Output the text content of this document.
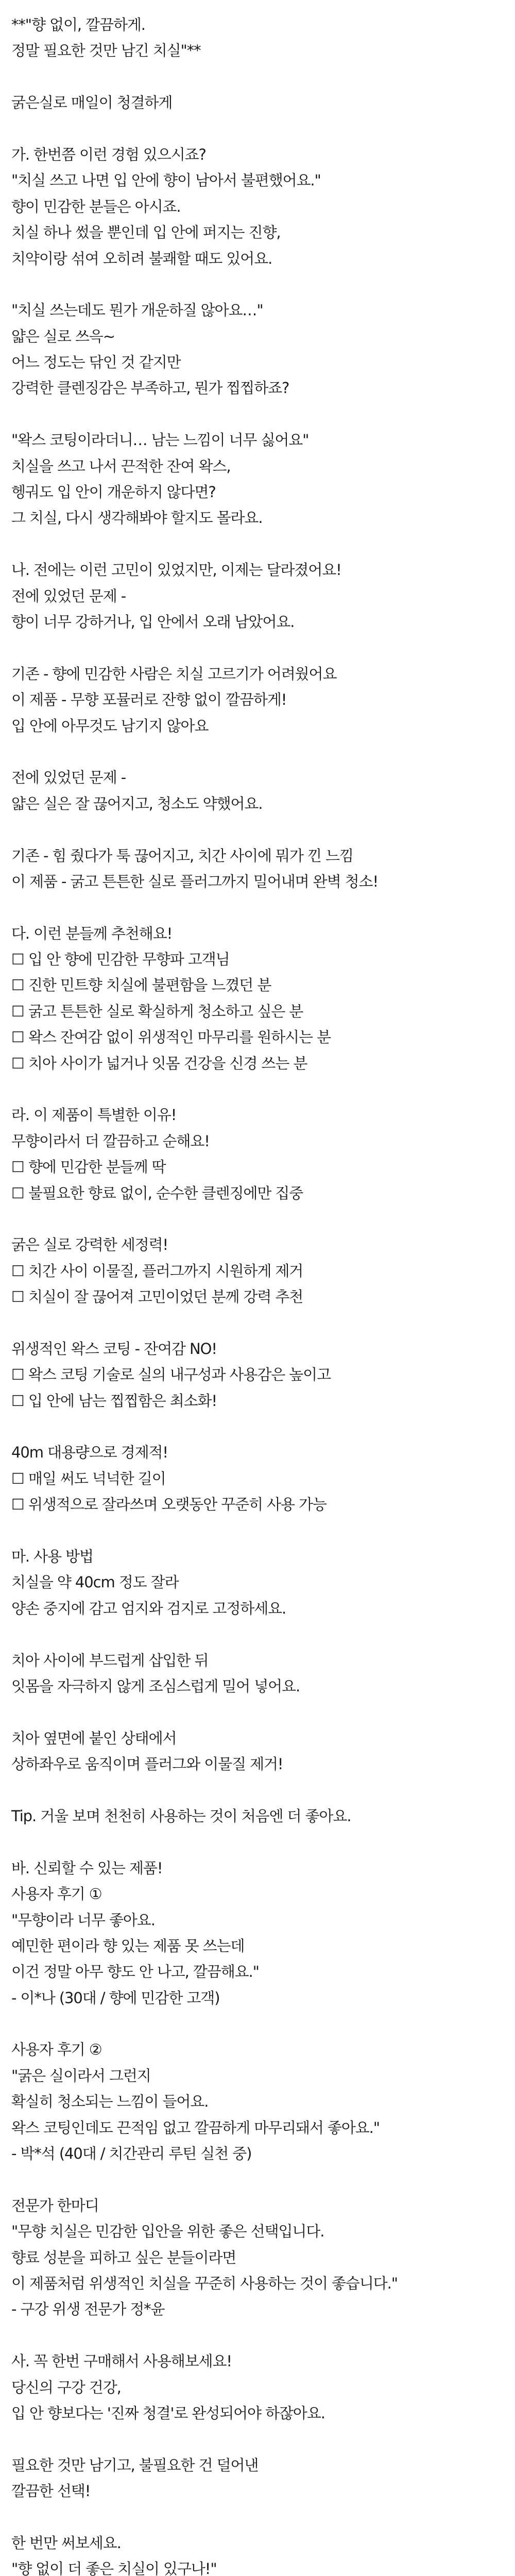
**"향 없이, 깔끔하게.
정말 필요한 것만 남긴 치실"**
굵은실로 매일이 청결하게
가. 한번쯤 이런 경험 있으시죠?
"치실 쓰고 나면 입 안에 향이 남아서 불편했어요."
향이 민감한 분들은 아시죠.
치실 하나 썼을 뿐인데 입 안에 퍼지는 진향,
치약이랑 섞여 오히려 불쾌할 때도 있어요.
"치실 쓰는데도 뭔가 개운하질 않아요…"
얇은 실로 쓰윽~
어느 정도는 닦인 것 같지만
강력한 클렌징감은 부족하고, 뭔가 찝찝하죠?
"왁스 코팅이라더니… 남는 느낌이 너무 싫어요"
치실을 쓰고 나서 끈적한 잔여 왁스,
헹궈도 입 안이 개운하지 않다면?
그 치실, 다시 생각해봐야 할지도 몰라요.
나. 전에는 이런 고민이 있었지만, 이제는 달라졌어요!
전에 있었던 문제 -
향이 너무 강하거나, 입 안에서 오래 남았어요.
기존 - 향에 민감한 사람은 치실 고르기가 어려웠어요
이 제품 - 무향 포뮬러로 잔향 없이 깔끔하게!
입 안에 아무것도 남기지 않아요
전에 있었던 문제 -
얇은 실은 잘 끊어지고, 청소도 약했어요.
기존 - 힘 줬다가 툭 끊어지고, 치간 사이에 뭐가 낀 느낌
이 제품 - 굵고 튼튼한 실로 플러그까지 밀어내며 완벽 청소!
다. 이런 분들께 추천해요!
☐ 입 안 향에 민감한 무향파 고객님
☐ 진한 민트향 치실에 불편함을 느꼈던 분
☐ 굵고 튼튼한 실로 확실하게 청소하고 싶은 분
☐ 왁스 잔여감 없이 위생적인 마무리를 원하시는 분
☐ 치아 사이가 넓거나 잇몸 건강을 신경 쓰는 분
라. 이 제품이 특별한 이유!
무향이라서 더 깔끔하고 순해요!
☐ 향에 민감한 분들께 딱
☐ 불필요한 향료 없이, 순수한 클렌징에만 집중
굵은 실로 강력한 세정력!
☐ 치간 사이 이물질, 플러그까지 시원하게 제거
☐ 치실이 잘 끊어져 고민이었던 분께 강력 추천
위생적인 왁스 코팅 - 잔여감 NO!
☐ 왁스 코팅 기술로 실의 내구성과 사용감은 높이고
☐ 입 안에 남는 찝찝함은 최소화!
40m 대용량으로 경제적!
☐ 매일 써도 넉넉한 길이
☐ 위생적으로 잘라쓰며 오랫동안 꾸준히 사용 가능
마. 사용 방법
치실을 약 40cm 정도 잘라
양손 중지에 감고 엄지와 검지로 고정하세요.
치아 사이에 부드럽게 삽입한 뒤
잇몸을 자극하지 않게 조심스럽게 밀어 넣어요.
치아 옆면에 붙인 상태에서
상하좌우로 움직이며 플러그와 이물질 제거!
Tip. 거울 보며 천천히 사용하는 것이 처음엔 더 좋아요.
바. 신뢰할 수 있는 제품!
사용자 후기 ①
"무향이라 너무 좋아요.
예민한 편이라 향 있는 제품 못 쓰는데
이건 정말 아무 향도 안 나고, 깔끔해요."
- 이*나 (30대 / 향에 민감한 고객)
사용자 후기 ②
"굵은 실이라서 그런지
확실히 청소되는 느낌이 들어요.
왁스 코팅인데도 끈적임 없고 깔끔하게 마무리돼서 좋아요."
- 박*석 (40대 / 치간관리 루틴 실천 중)
전문가 한마디
"무향 치실은 민감한 입안을 위한 좋은 선택입니다.
향료 성분을 피하고 싶은 분들이라면
이 제품처럼 위생적인 치실을 꾸준히 사용하는 것이 좋습니다."
- 구강 위생 전문가 정*윤
사. 꼭 한번 구매해서 사용해보세요!
당신의 구강 건강,
입 안 향보다는 '진짜 청결'로 완성되어야 하잖아요.
필요한 것만 남기고, 불필요한 건 덜어낸
깔끔한 선택!
한 번만 써보세요.
"향 없이 더 좋은 치실이 있구나!"
